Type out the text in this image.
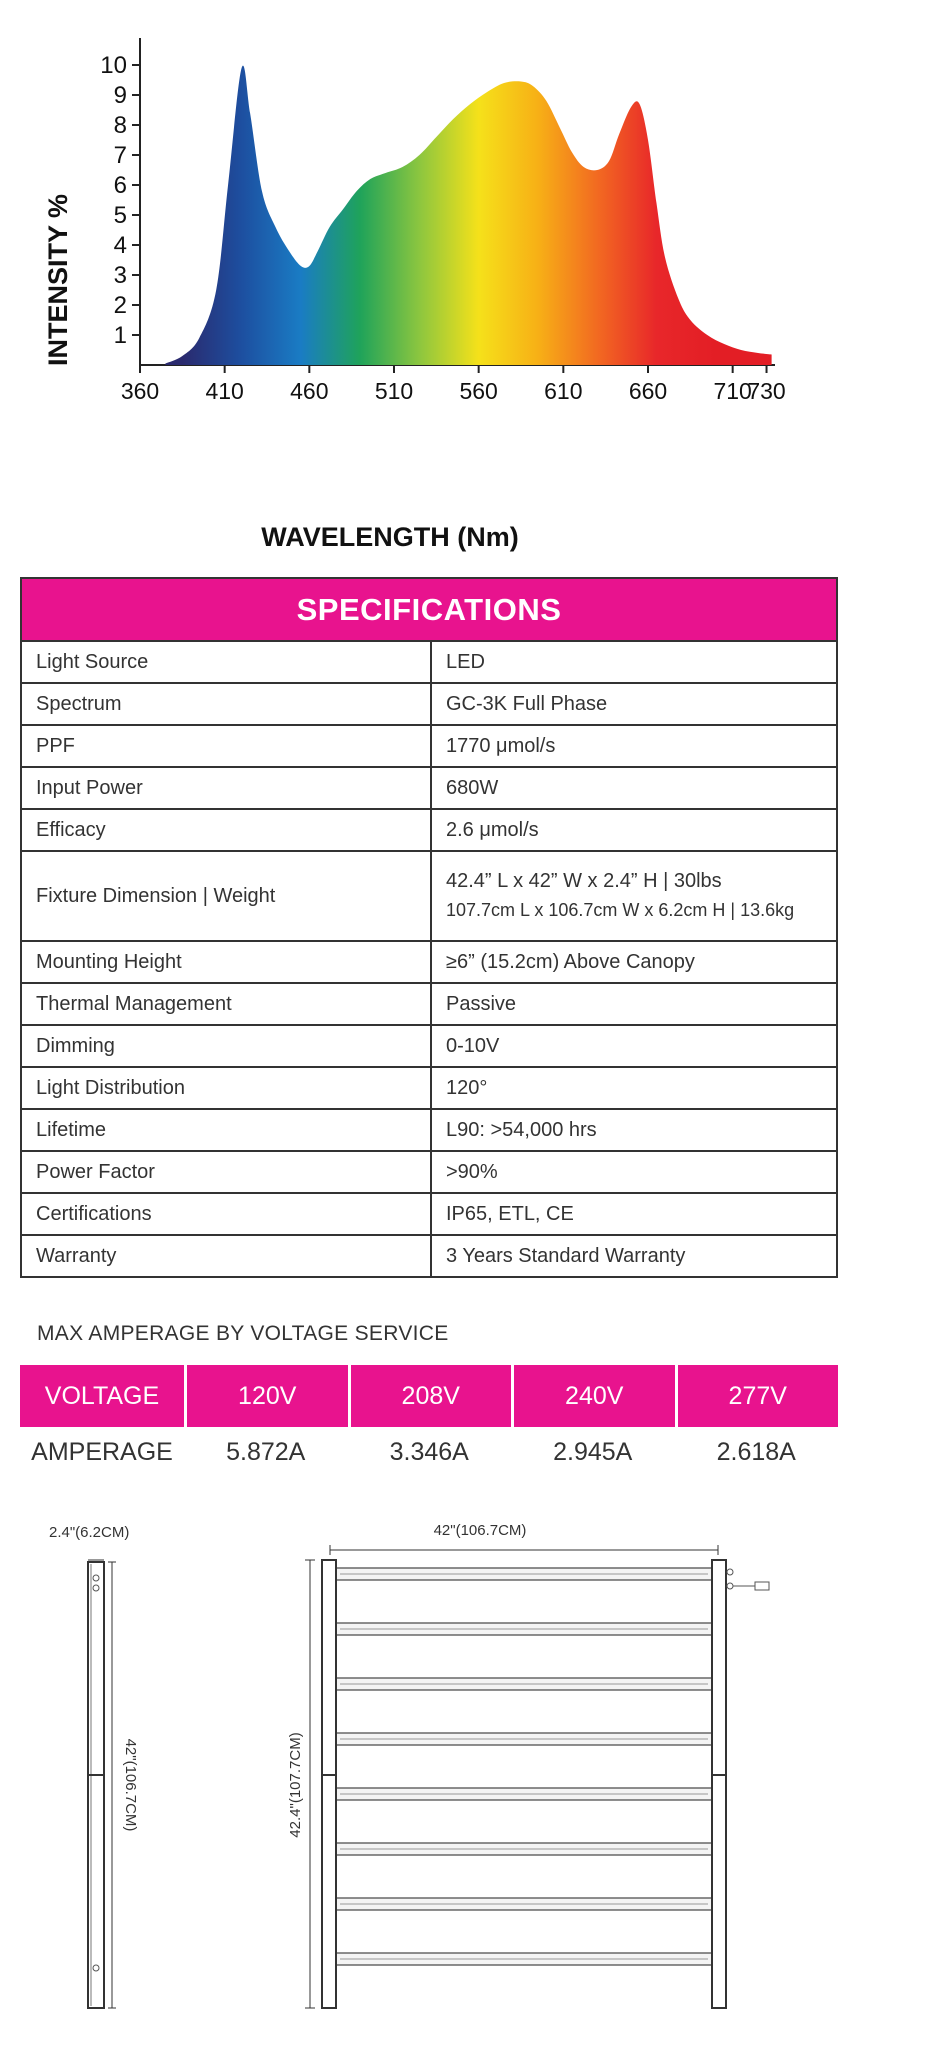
1
2
3
4
5
6
7
8
9
10
360 410 460 510 560 610 660 710
730
INTENSITY %
WAVELENGTH (Nm)
SPECIFICATIONS	
Light Source	LED
Spectrum	GC-3K Full Phase
PPF	1770 μmol/s
Input Power	680W
Efficacy	2.6 μmol/s
Fixture Dimension | Weight	42.4” L x 42” W x 2.4” H | 30lbs
107.7cm L x 106.7cm W x 6.2cm H | 13.6kg

Mounting Height	≥6” (15.2cm) Above Canopy
Thermal Management	Passive
Dimming	0-10V
Light Distribution	120°
Lifetime	L90: >54,000 hrs
Power Factor	>90%
Certifications	IP65, ETL, CE
Warranty	3 Years Standard Warranty
MAX AMPERAGE BY VOLTAGE SERVICE
VOLTAGE	120V	208V	240V	277V
AMPERAGE	5.872A	3.346A	2.945A	2.618A
2.4"(6.2CM)
42"(106.7CM)
42"(106.7CM)
42.4"(107.7CM)
